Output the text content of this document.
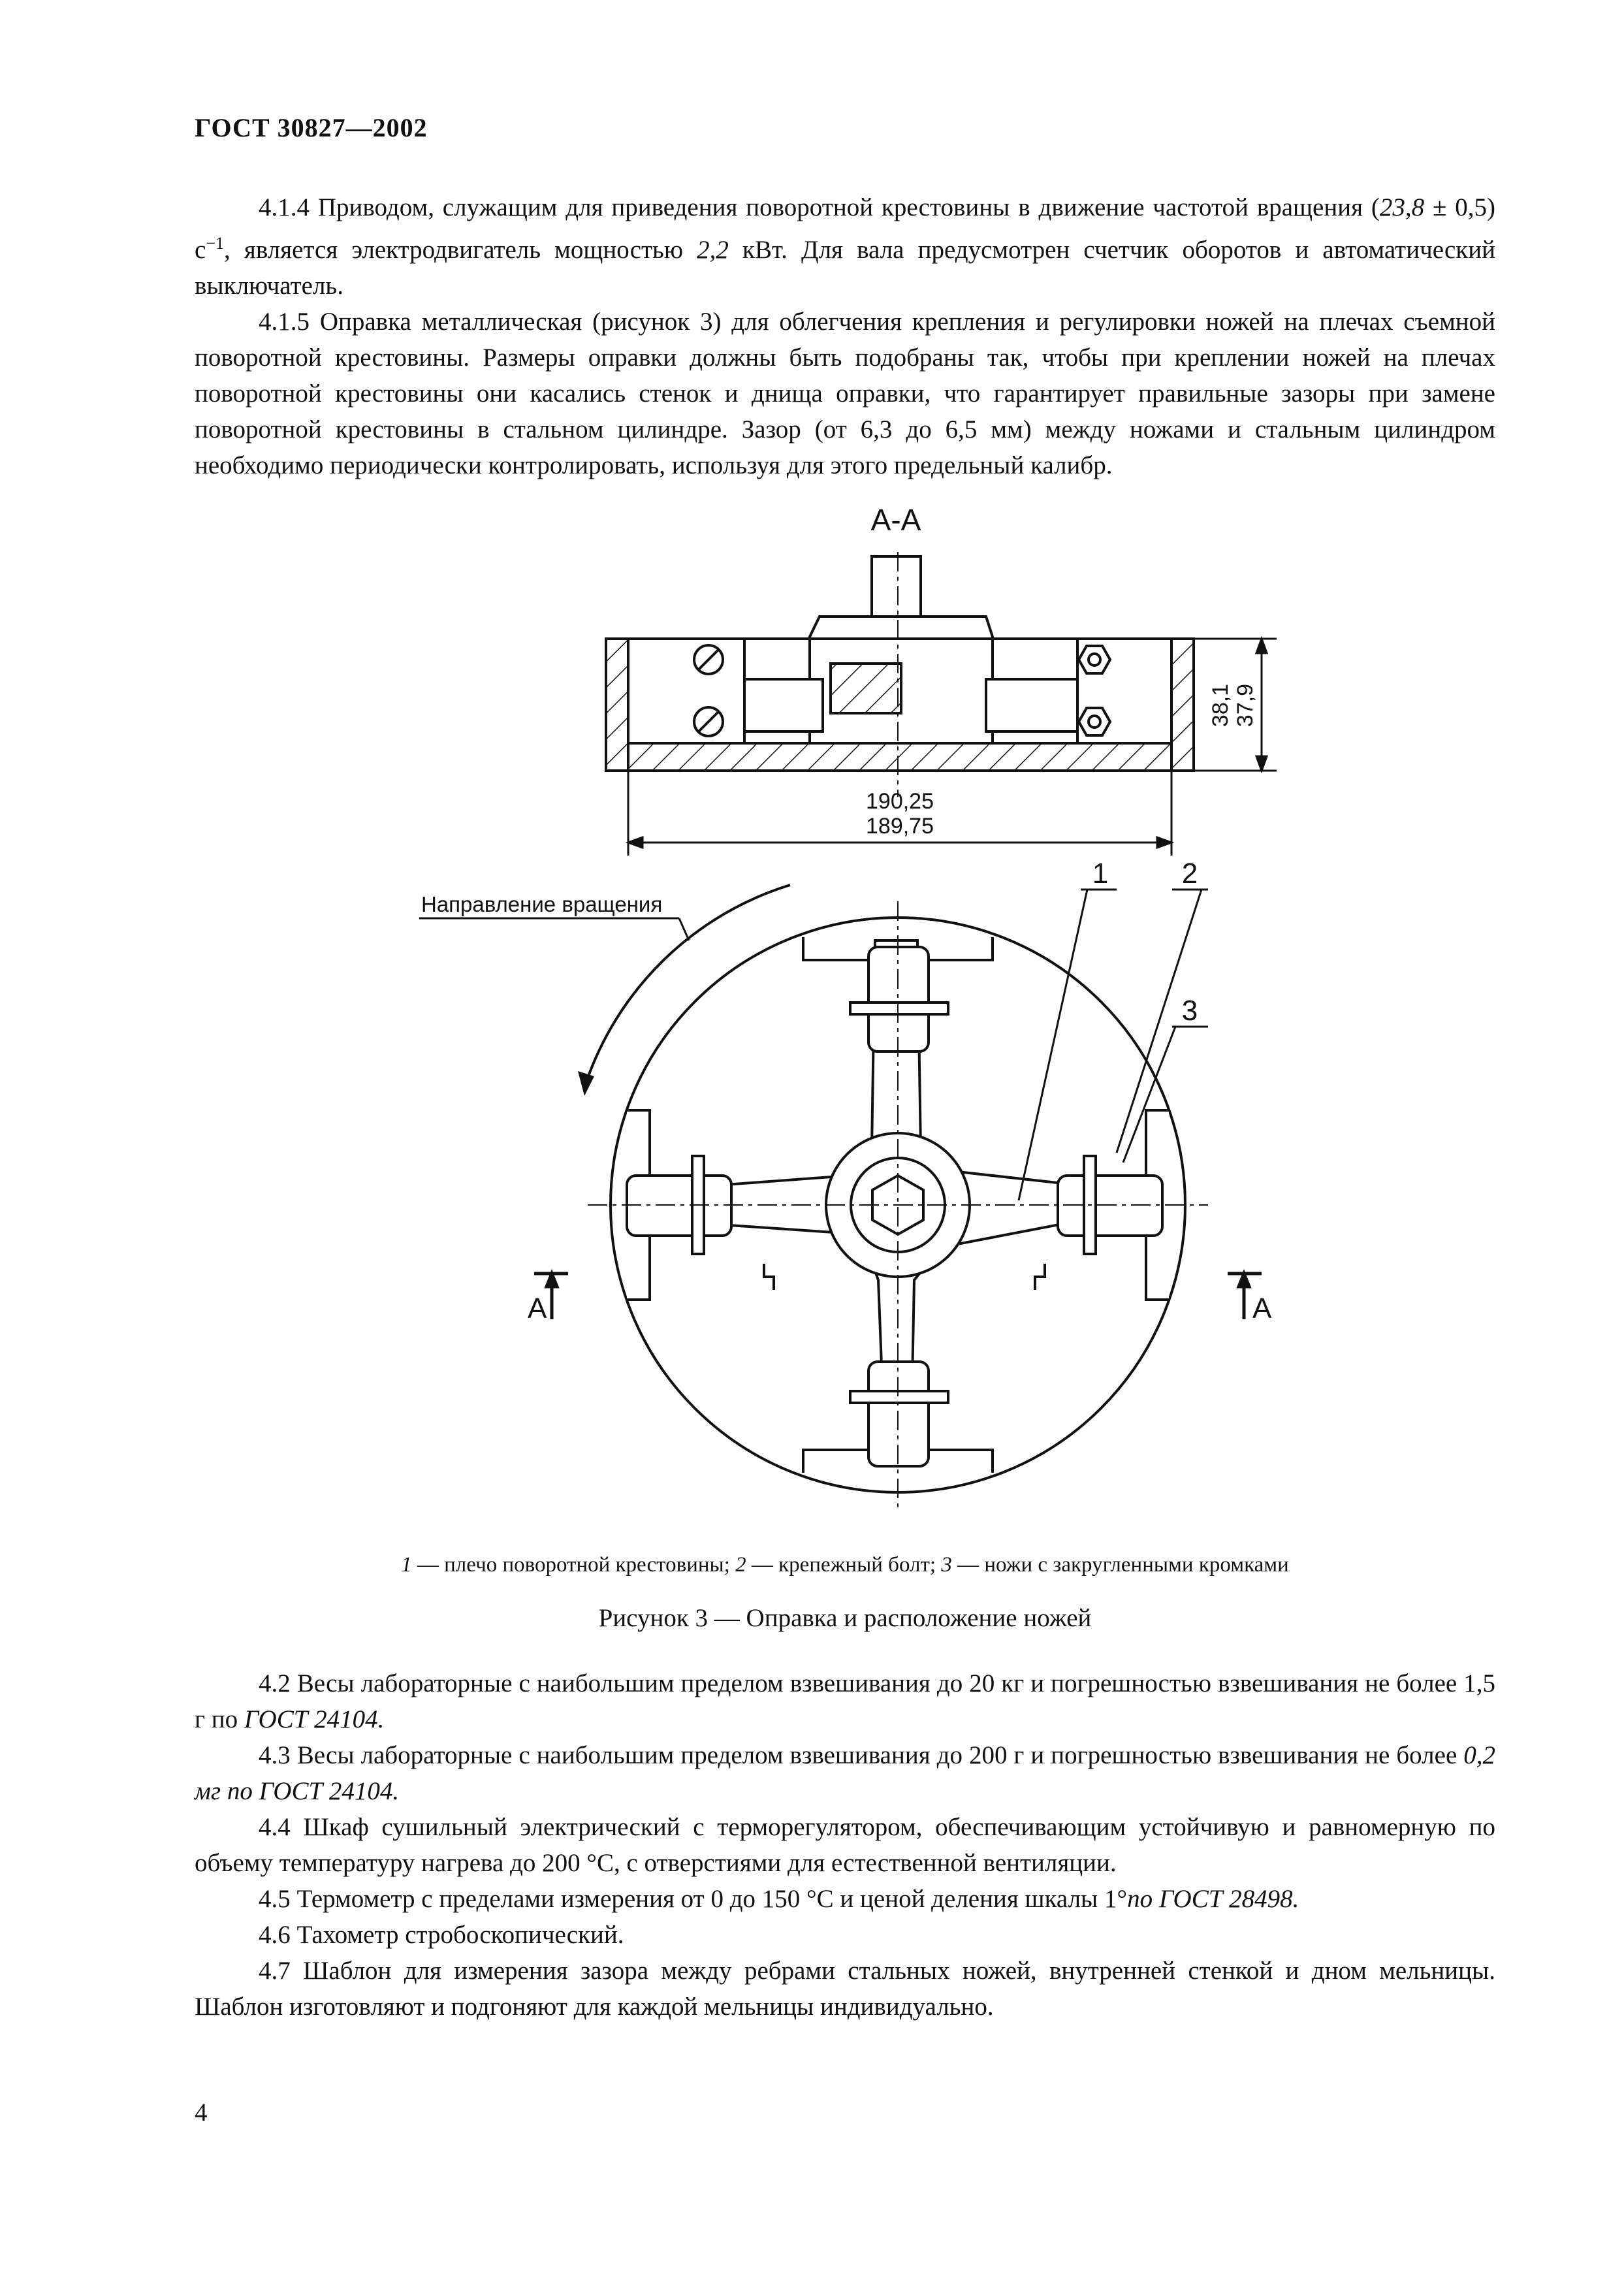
ГОСТ 30827—2002

4.1.4 Приводом, служащим для приведения поворотной крестовины в движение частотой вращения (23,8 ± 0,5) $с^{-1}$, является электродвигатель мощностью 2,2 кВт. Для вала предусмотрен счетчик оборотов и автоматический выключатель.

4.1.5 Оправка металлическая (рисунок 3) для облегчения крепления и регулировки ножей на плечах съемной поворотной крестовины. Размеры оправки должны быть подобраны так, чтобы при креплении ножей на плечах поворотной крестовины они касались стенок и днища оправки, что гарантирует правильные зазоры при замене поворотной крестовины в стальном цилиндре. Зазор (от 6,3 до 6,5 мм) между ножами и стальным цилиндром необходимо периодически контролировать, используя для этого предельный калибр.

А-А
38,1 37,9
190,25
189,75
Направление вращения
1	2
3
А	А
1 — плечо поворотной крестовины; 2 — крепежный болт; 3 — ножи с закругленными кромками
Рисунок 3 — Оправка и расположение ножей

4.2 Весы лабораторные с наибольшим пределом взвешивания до 20 кг и погрешностью взвешивания не более 1,5 г по ГОСТ 24104.

4.3 Весы лабораторные с наибольшим пределом взвешивания до 200 г и погрешностью взвешивания не более 0,2 мг по ГОСТ 24104.

4.4 Шкаф сушильный электрический с терморегулятором, обеспечивающим устойчивую и равномерную по объему температуру нагрева до 200 °С, с отверстиями для естественной вентиляции.

4.5 Термометр с пределами измерения от 0 до 150 °С и ценой деления шкалы 1°по ГОСТ 28498.

4.6 Тахометр стробоскопический.

4.7 Шаблон для измерения зазора между ребрами стальных ножей, внутренней стенкой и дном мельницы. Шаблон изготовляют и подгоняют для каждой мельницы индивидуально.

4
